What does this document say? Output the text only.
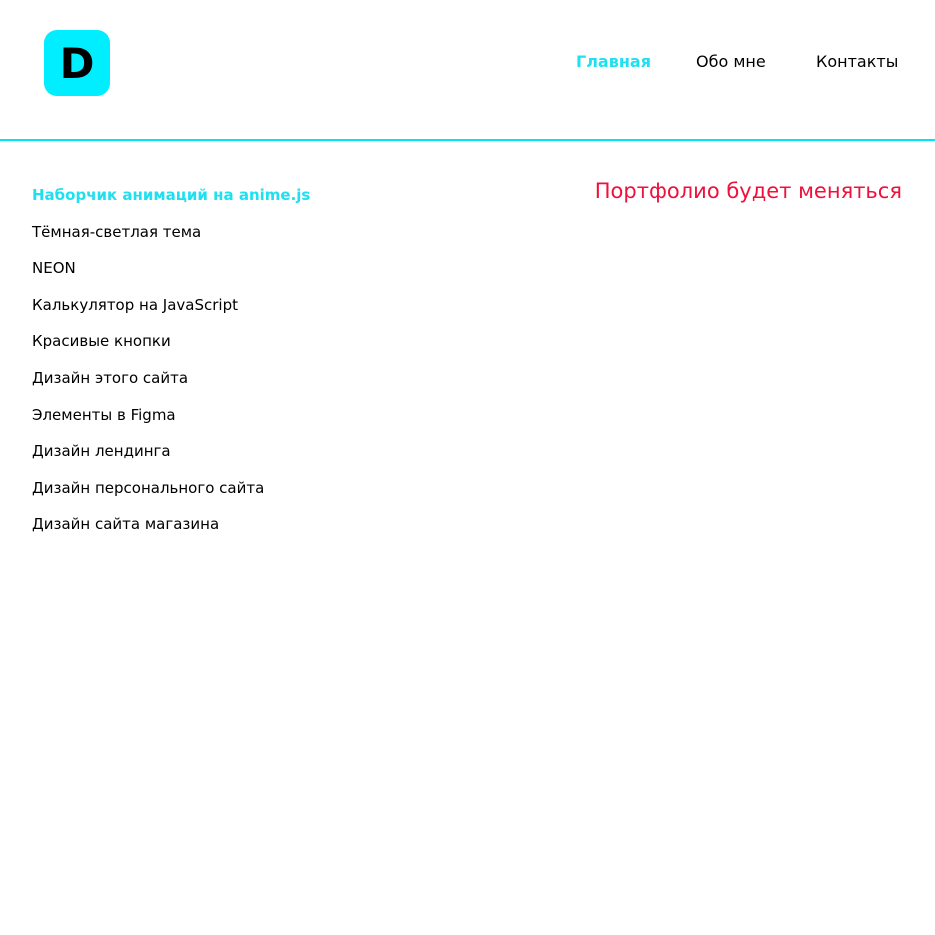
D	Главная	Обо мне	Контакты
Наборчик анимаций на anime.js
Тёмная-светлая тема
NEON
Калькулятор на JavaScript
Красивые кнопки
Дизайн этого сайта
Элементы в Figma
Дизайн лендинга
Дизайн персонального сайта
Дизайн сайта магазина
Портфолио будет меняться
